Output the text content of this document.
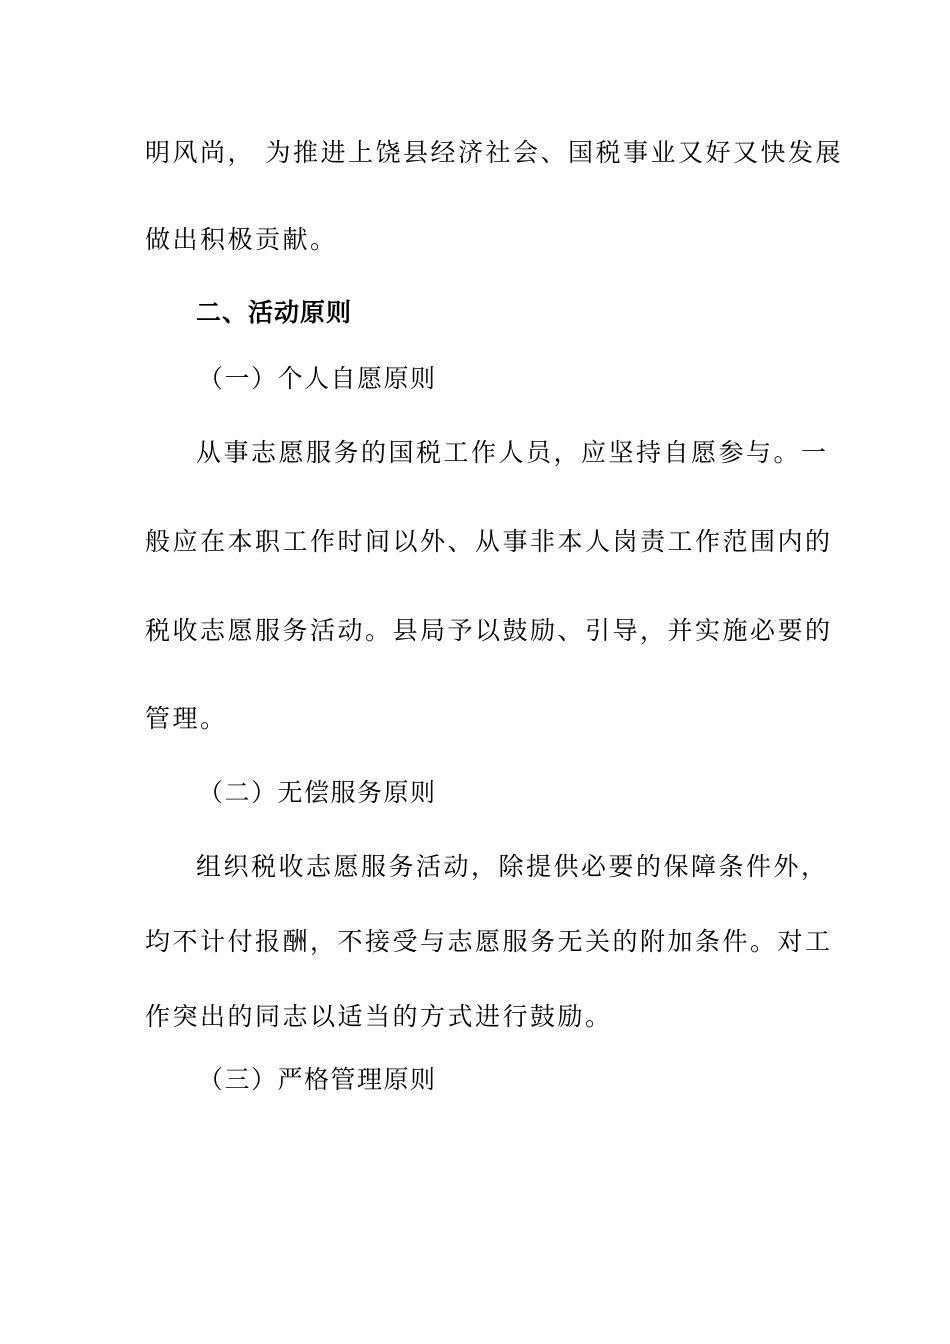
明风尚， 为推进上饶县经济社会、国税事业又好又快发展
做出积极贡献。
二、活动原则
（一）个人自愿原则
从事志愿服务的国税工作人员，应坚持自愿参与。一
般应在本职工作时间以外、从事非本人岗责工作范围内的
税收志愿服务活动。县局予以鼓励、引导，并实施必要的
管理。
（二）无偿服务原则
组织税收志愿服务活动，除提供必要的保障条件外，
均不计付报酬，不接受与志愿服务无关的附加条件。对工
作突出的同志以适当的方式进行鼓励。
（三）严格管理原则
